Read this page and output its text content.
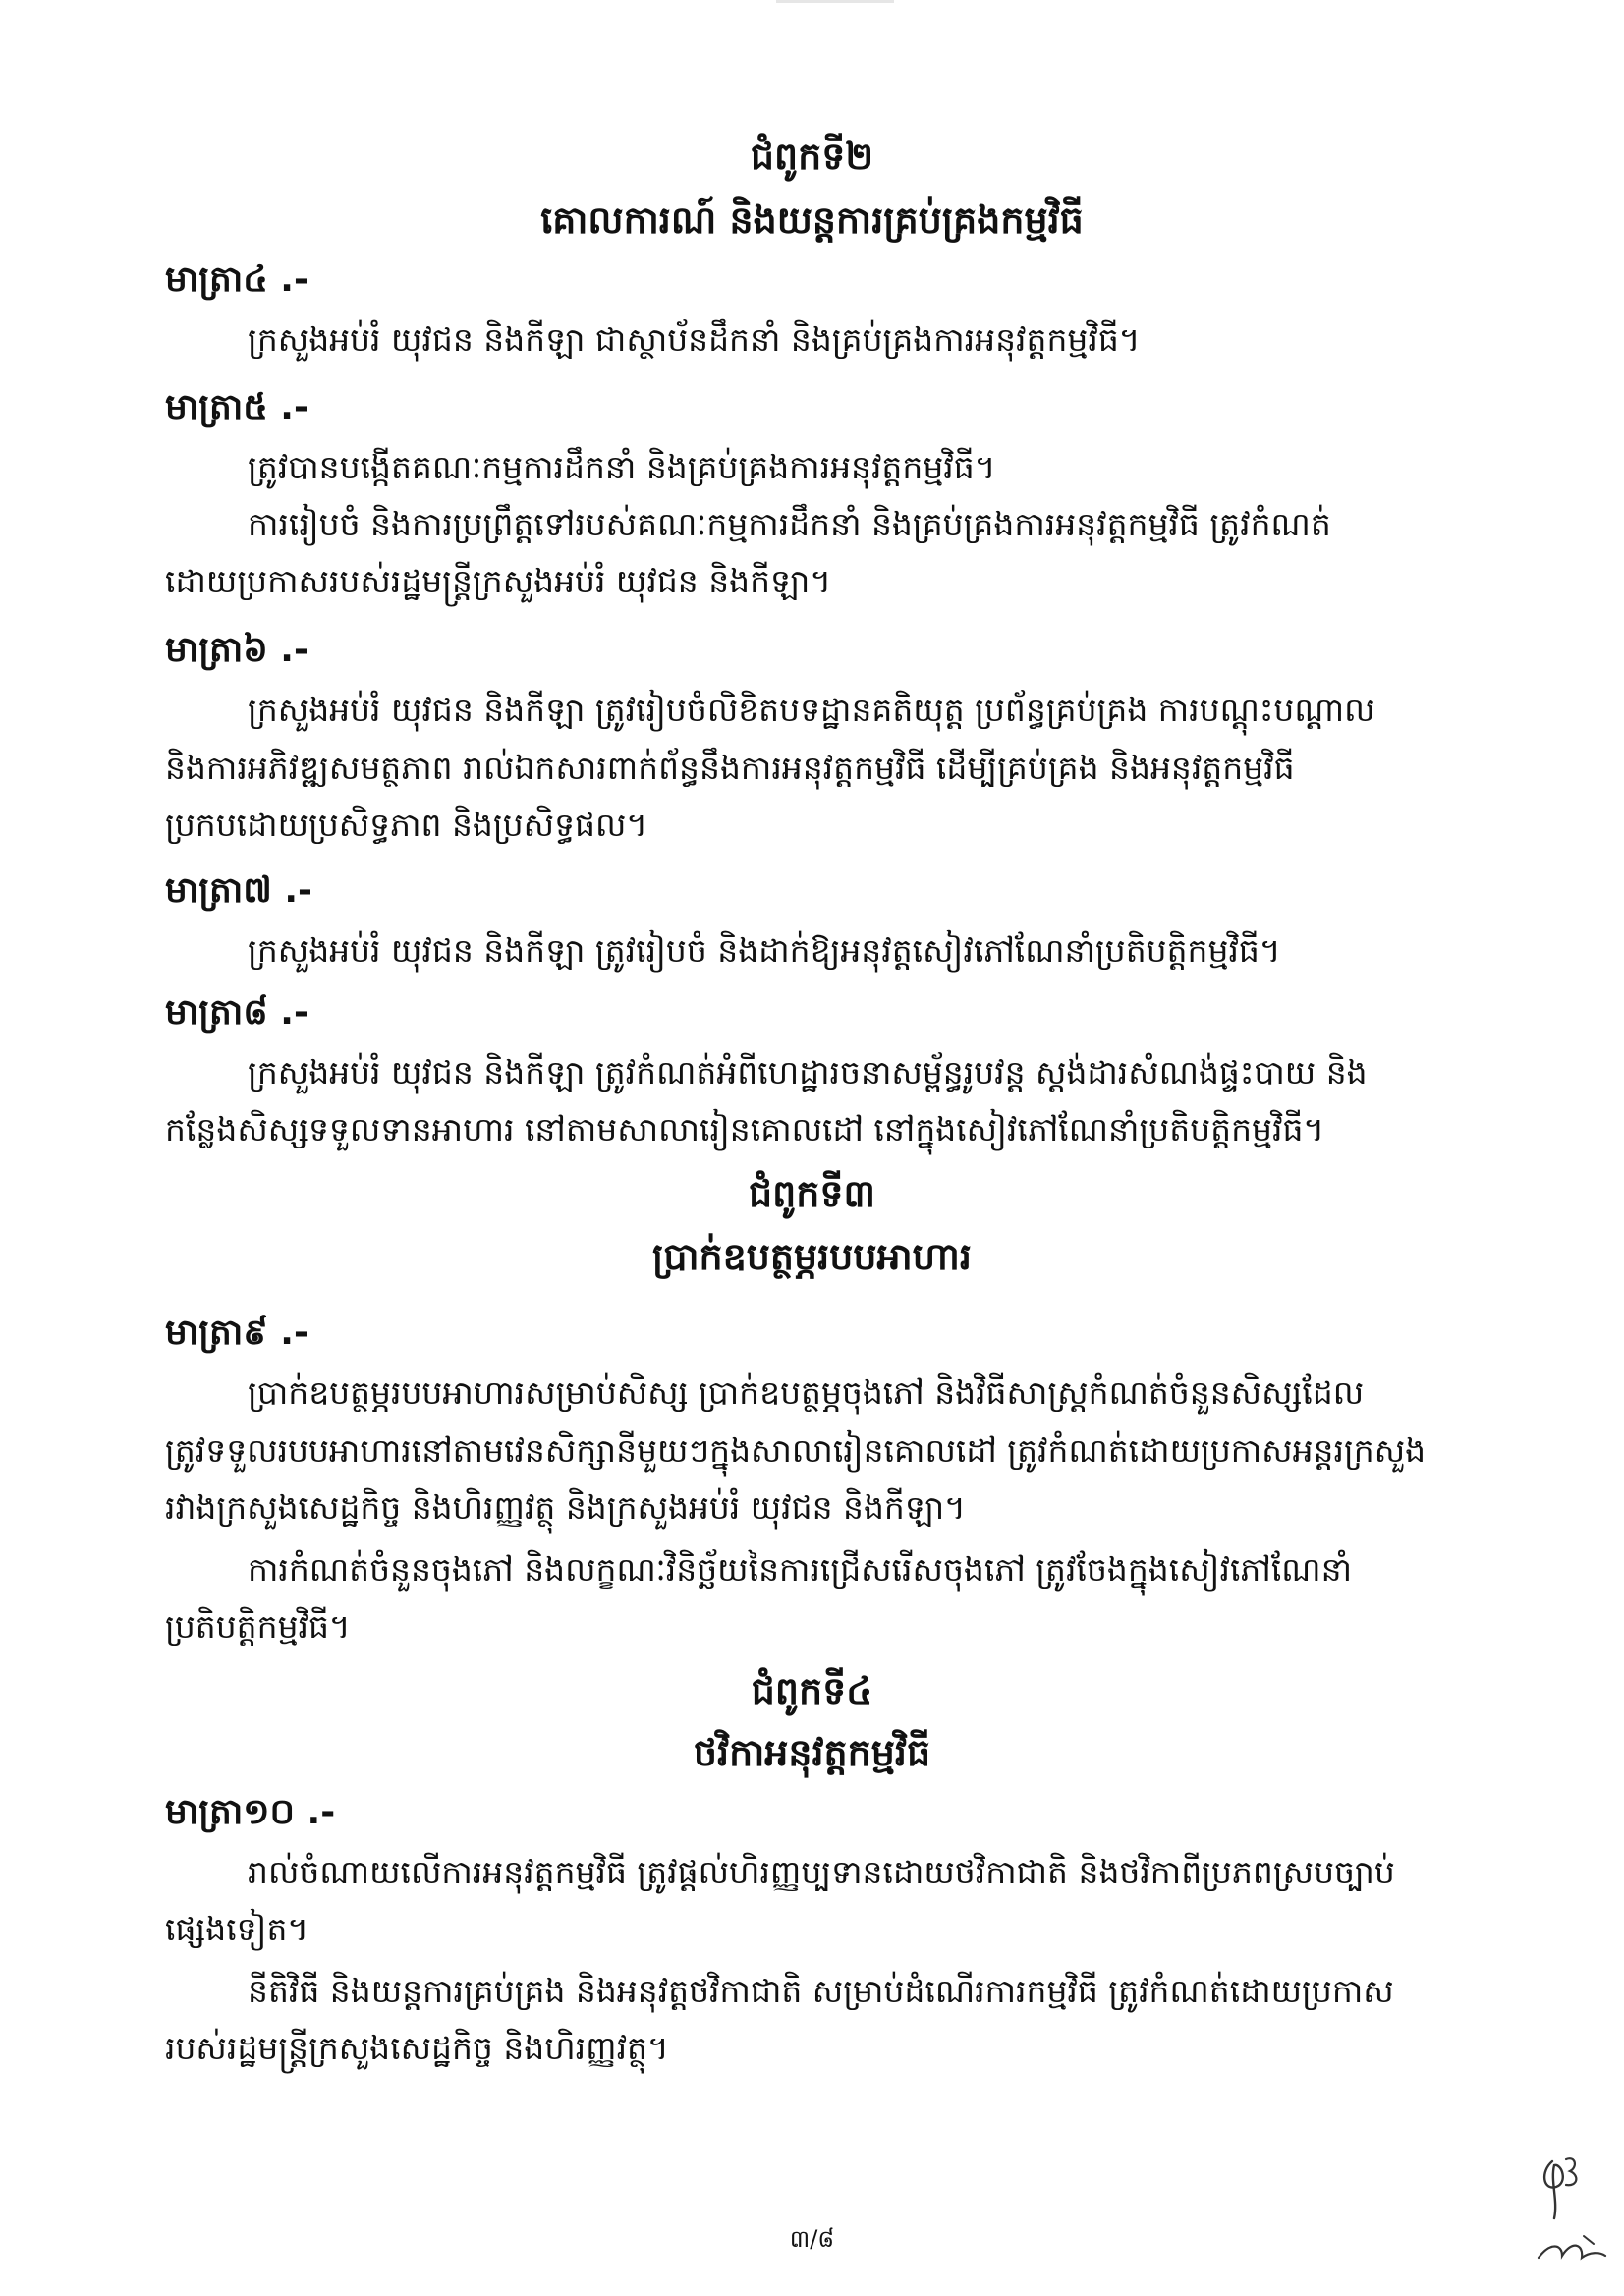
ជំពូកទី២
គោលការណ៍ និងយន្តការគ្រប់គ្រងកម្មវិធី
មាត្រា៤ .-
ក្រសួងអប់រំ យុវជន និងកីឡា ជាស្ថាប័នដឹកនាំ និងគ្រប់គ្រងការអនុវត្តកម្មវិធី។
មាត្រា៥ .-
ត្រូវបានបង្កើតគណៈកម្មការដឹកនាំ និងគ្រប់គ្រងការអនុវត្តកម្មវិធី។
ការរៀបចំ និងការប្រព្រឹត្តទៅរបស់គណៈកម្មការដឹកនាំ និងគ្រប់គ្រងការអនុវត្តកម្មវិធី ត្រូវកំណត់
ដោយប្រកាសរបស់រដ្ឋមន្ត្រីក្រសួងអប់រំ យុវជន និងកីឡា។
មាត្រា៦ .-
ក្រសួងអប់រំ យុវជន និងកីឡា ត្រូវរៀបចំលិខិតបទដ្ឋានគតិយុត្ត ប្រព័ន្ធគ្រប់គ្រង ការបណ្តុះបណ្តាល
និងការអភិវឌ្ឍសមត្ថភាព រាល់ឯកសារពាក់ព័ន្ធនឹងការអនុវត្តកម្មវិធី ដើម្បីគ្រប់គ្រង និងអនុវត្តកម្មវិធី
ប្រកបដោយប្រសិទ្ធភាព និងប្រសិទ្ធផល។
មាត្រា៧ .-
ក្រសួងអប់រំ យុវជន និងកីឡា ត្រូវរៀបចំ និងដាក់ឱ្យអនុវត្តសៀវភៅណែនាំប្រតិបត្តិកម្មវិធី។
មាត្រា៨ .-
ក្រសួងអប់រំ យុវជន និងកីឡា ត្រូវកំណត់អំពីហេដ្ឋារចនាសម្ព័ន្ធរូបវន្ត ស្តង់ដារសំណង់ផ្ទះបាយ និង
កន្លែងសិស្សទទួលទានអាហារ នៅតាមសាលារៀនគោលដៅ នៅក្នុងសៀវភៅណែនាំប្រតិបត្តិកម្មវិធី។
ជំពូកទី៣
ប្រាក់ឧបត្ថម្ភរបបអាហារ
មាត្រា៩ .-
ប្រាក់ឧបត្ថម្ភរបបអាហារសម្រាប់សិស្ស ប្រាក់ឧបត្ថម្ភចុងភៅ និងវិធីសាស្ត្រកំណត់ចំនួនសិស្សដែល
ត្រូវទទួលរបបអាហារនៅតាមវេនសិក្សានីមួយៗក្នុងសាលារៀនគោលដៅ ត្រូវកំណត់ដោយប្រកាសអន្តរក្រសួង
រវាងក្រសួងសេដ្ឋកិច្ច និងហិរញ្ញវត្ថុ និងក្រសួងអប់រំ យុវជន និងកីឡា។
ការកំណត់ចំនួនចុងភៅ និងលក្ខណៈវិនិច្ឆ័យនៃការជ្រើសរើសចុងភៅ ត្រូវចែងក្នុងសៀវភៅណែនាំ
ប្រតិបត្តិកម្មវិធី។
ជំពូកទី៤
ថវិកាអនុវត្តកម្មវិធី
មាត្រា១០ .-
រាល់ចំណាយលើការអនុវត្តកម្មវិធី ត្រូវផ្តល់ហិរញ្ញប្បទានដោយថវិកាជាតិ និងថវិកាពីប្រភពស្របច្បាប់
ផ្សេងទៀត។
នីតិវិធី និងយន្តការគ្រប់គ្រង និងអនុវត្តថវិកាជាតិ សម្រាប់ដំណើរការកម្មវិធី ត្រូវកំណត់ដោយប្រកាស
របស់រដ្ឋមន្ត្រីក្រសួងសេដ្ឋកិច្ច និងហិរញ្ញវត្ថុ។
៣/៨
